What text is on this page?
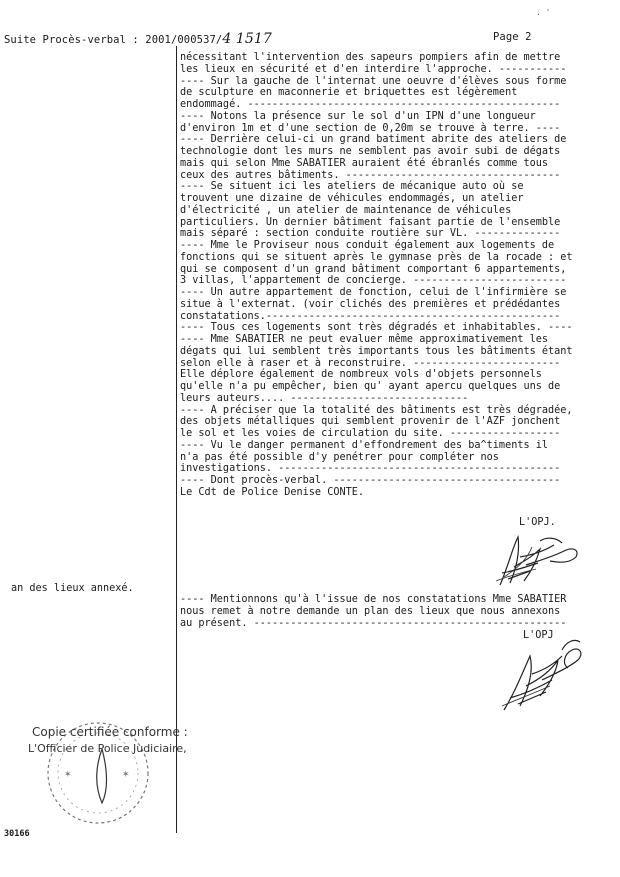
. '
Suite Procès-verbal : 2001/000537/4 1517	Page 2
nécessitant l'intervention des sapeurs pompiers afin de mettre
les lieux en sécurité et d'en interdire l'approche. -----------
---- Sur la gauche de l'internat une oeuvre d'élèves sous forme
de sculpture en maconnerie et briquettes est légèrement
endommagé. ---------------------------------------------------
---- Notons la présence sur le sol d'un IPN d'une longueur
d'environ 1m et d'une section de 0,20m se trouve à terre. ----
---- Derrière celui-ci un grand batiment abrite des ateliers de
technologie dont les murs ne semblent pas avoir subi de dégats
mais qui selon Mme SABATIER auraient été ébranlés comme tous
ceux des autres bâtiments. -----------------------------------
---- Se situent ici les ateliers de mécanique auto où se
trouvent une dizaine de véhicules endommagés, un atelier
d'électricité , un atelier de maintenance de véhicules
particuliers. Un dernier bâtiment faisant partie de l'ensemble
mais séparé : section conduite routière sur VL. --------------
---- Mme le Proviseur nous conduit également aux logements de
fonctions qui se situent après le gymnase près de la rocade : et
qui se composent d'un grand bâtiment comportant 6 appartements,
3 villas, l'appartement de concierge. -------------------------
---- Un autre appartement de fonction, celui de l'infirmière se
situe à l'externat. (voir clichés des premières et prédédantes
constatations.------------------------------------------------
---- Tous ces logements sont très dégradés et inhabitables. ----
---- Mme SABATIER ne peut evaluer même approximativement les
dégats qui lui semblent très importants tous les bâtiments étant
selon elle à raser et à reconstruire. ------------------------
Elle déplore également de nombreux vols d'objets personnels
qu'elle n'a pu empêcher, bien qu' ayant apercu quelques uns de
leurs auteurs.... -----------------------------
---- A préciser que la totalité des bâtiments est très dégradée,
des objets métalliques qui semblent provenir de l'AZF jonchent
le sol et les voies de circulation du site. ------------------
---- Vu le danger permanent d'effondrement des ba^timents il
n'a pas été possible d'y penétrer pour compléter nos
investigations. ----------------------------------------------
---- Dont procès-verbal. -------------------------------------
Le Cdt de Police Denise CONTE.
L'OPJ.
an des lieux annexé.
---- Mentionnons qu'à l'issue de nos constatations Mme SABATIER
nous remet à notre demande un plan des lieux que nous annexons
au présent. ---------------------------------------------------
L'OPJ
✶	✶
Copie certifiée conforme :
L'Officier de Police Judiciaire,
30166
